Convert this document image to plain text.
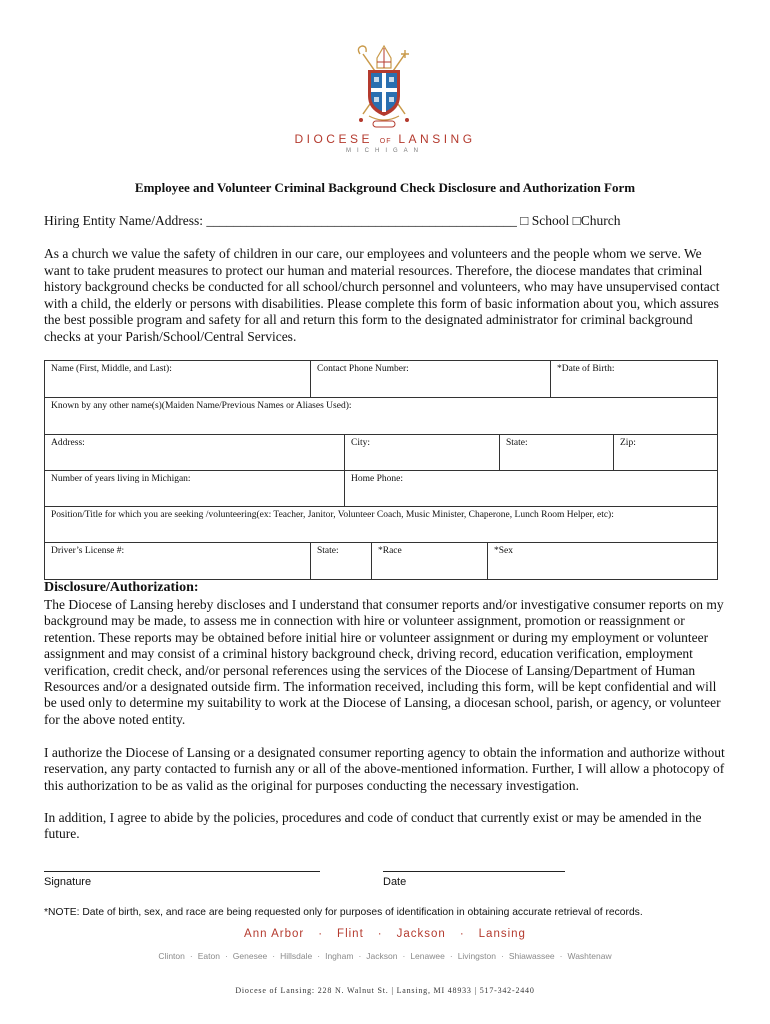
DIOCESE OF LANSING
MICHIGAN
Employee and Volunteer Criminal Background Check Disclosure and Authorization Form
Hiring Entity Name/Address: ______________________________________________ □ School □Church
As a church we value the safety of children in our care, our employees and volunteers and the people whom we serve. We want to take prudent measures to protect our human and material resources. Therefore, the diocese mandates that criminal history background checks be conducted for all school/church personnel and volunteers, who may have unsupervised contact with a child, the elderly or persons with disabilities. Please complete this form of basic information about you, which assures the best possible program and safety for all and return this form to the designated administrator for criminal background checks at your Parish/School/Central Services.
Name (First, Middle, and Last):	Contact Phone Number:	*Date of Birth:
Known by any other name(s)(Maiden Name/Previous Names or Aliases Used):
Address:	City:	State:	Zip:
Number of years living in Michigan:	Home Phone:
Position/Title for which you are seeking /volunteering(ex: Teacher, Janitor, Volunteer Coach, Music Minister, Chaperone, Lunch Room Helper, etc):
Driver’s License #:	State:	*Race	*Sex
Disclosure/Authorization:
The Diocese of Lansing hereby discloses and I understand that consumer reports and/or investigative consumer reports on my background may be made, to assess me in connection with hire or volunteer assignment, promotion or reassignment or retention. These reports may be obtained before initial hire or volunteer assignment or during my employment or volunteer assignment and may consist of a criminal history background check, driving record, education verification, employment verification, credit check, and/or personal references using the services of the Diocese of Lansing/Department of Human Resources and/or a designated outside firm. The information received, including this form, will be kept confidential and will be used only to determine my suitability to work at the Diocese of Lansing, a diocesan school, parish, or agency, or volunteer for the above noted entity.
I authorize the Diocese of Lansing or a designated consumer reporting agency to obtain the information and authorize without reservation, any party contacted to furnish any or all of the above-mentioned information. Further, I will allow a photocopy of this authorization to be as valid as the original for purposes conducting the necessary investigation.
In addition, I agree to abide by the policies, procedures and code of conduct that currently exist or may be amended in the future.
Signature	Date
*NOTE: Date of birth, sex, and race are being requested only for purposes of identification in obtaining accurate retrieval of records.
Ann Arbor · Flint · Jackson · Lansing
Clinton · Eaton · Genesee · Hillsdale · Ingham · Jackson · Lenawee · Livingston · Shiawassee · Washtenaw
Diocese of Lansing: 228 N. Walnut St. | Lansing, MI 48933 | 517-342-2440
